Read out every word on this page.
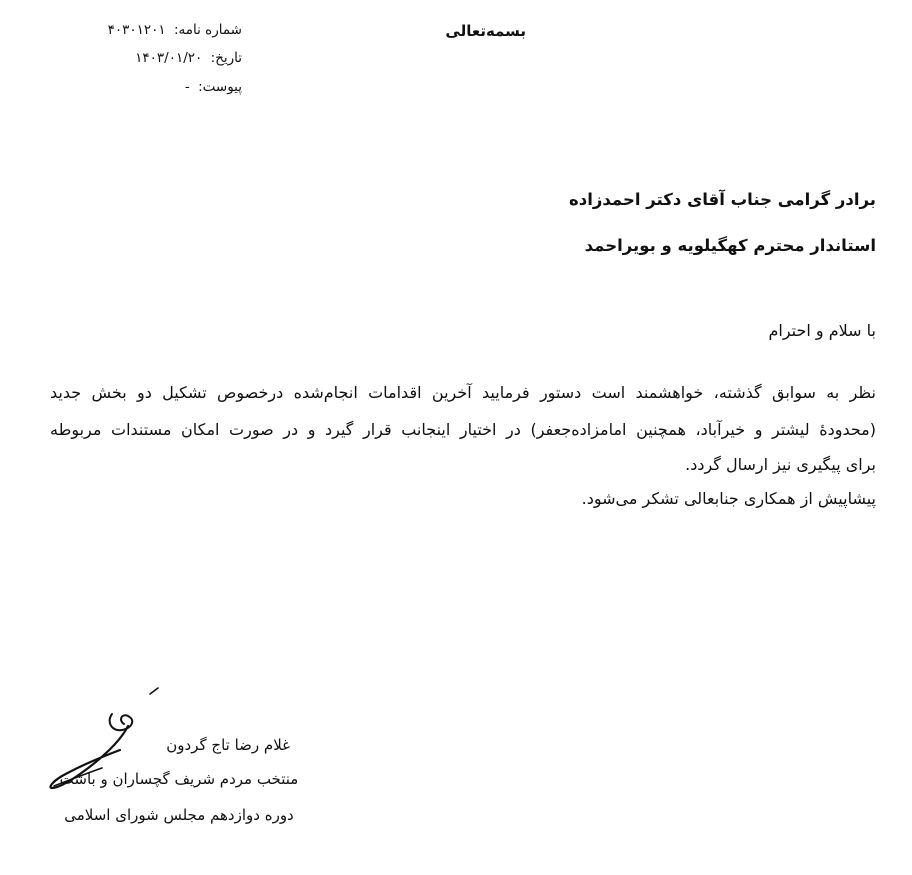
بسمه‌تعالی
شماره نامه: ۴۰۳۰۱۲۰۱
تاریخ: ۱۴۰۳/۰۱/۲۰
پیوست: -
برادر گرامی جناب آقای دکتر احمدزاده
استاندار محترم کهگیلویه و بویراحمد
با سلام و احترام
نظر به سوابق گذشته، خواهشمند است دستور فرمایید آخرین اقدامات انجام‌شده درخصوص تشکیل دو بخش جدید
(محدودهٔ لیشتر و خیرآباد، همچنین امامزاده‌جعفر) در اختیار اینجانب قرار گیرد و در صورت امکان مستندات مربوطه
برای پیگیری نیز ارسال گردد.
پیشاپیش از همکاری جنابعالی تشکر می‌شود.
غلام رضا تاج گردون
منتخب مردم شریف گچساران و باشت
دوره دوازدهم مجلس شورای اسلامی
